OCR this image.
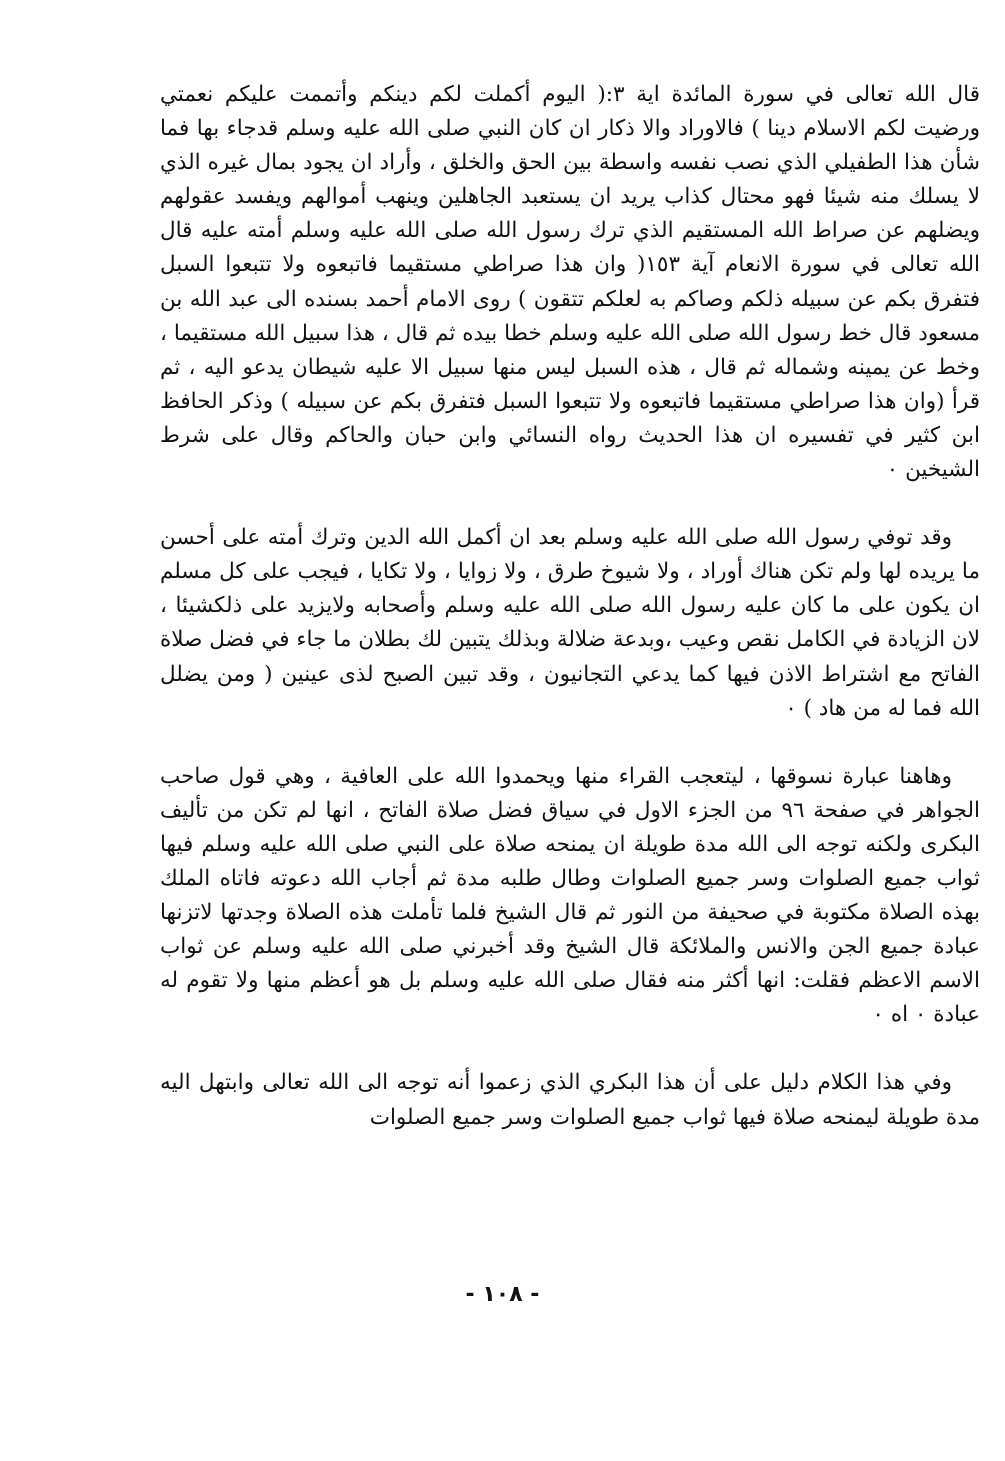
قال الله تعالى في سورة المائدة اية ٣:( اليوم أكملت لكم دينكم وأتممت عليكم نعمتي ورضيت لكم الاسلام دينا ) فالاوراد والا ذكار ان كان النبي صلى الله عليه وسلم قدجاء بها فما شأن هذا الطفيلي الذي نصب نفسه واسطة بين الحق والخلق ، وأراد ان يجود بمال غيره الذي لا يسلك منه شيئا فهو محتال كذاب يريد ان يستعبد الجاهلين وينهب أموالهم ويفسد عقولهم ويضلهم عن صراط الله المستقيم الذي ترك رسول الله صلى الله عليه وسلم أمته عليه قال الله تعالى في سورة الانعام آية ١٥٣( وان هذا صراطي مستقيما فاتبعوه ولا تتبعوا السبل فتفرق بكم عن سبيله ذلكم وصاكم به لعلكم تتقون ) روى الامام أحمد بسنده الى عبد الله بن مسعود قال خط رسول الله صلى الله عليه وسلم خطا بيده ثم قال ، هذا سبيل الله مستقيما ، وخط عن يمينه وشماله ثم قال ، هذه السبل ليس منها سبيل الا عليه شيطان يدعو اليه ، ثم قرأ (وان هذا صراطي مستقيما فاتبعوه ولا تتبعوا السبل فتفرق بكم عن سبيله ) وذكر الحافظ ابن كثير في تفسيره ان هذا الحديث رواه النسائي وابن حبان والحاكم وقال على شرط الشيخين ٠

وقد توفي رسول الله صلى الله عليه وسلم بعد ان أكمل الله الدين وترك أمته على أحسن ما يريده لها ولم تكن هناك أوراد ، ولا شيوخ طرق ، ولا زوايا ، ولا تكايا ، فيجب على كل مسلم ان يكون على ما كان عليه رسول الله صلى الله عليه وسلم وأصحابه ولايزيد على ذلكشيئا ، لان الزيادة في الكامل نقص وعيب ،وبدعة ضلالة وبذلك يتبين لك بطلان ما جاء في فضل صلاة الفاتح مع اشتراط الاذن فيها كما يدعي التجانيون ، وقد تبين الصبح لذى عينين ( ومن يضلل الله فما له من هاد ) ٠

وهاهنا عبارة نسوقها ، ليتعجب القراء منها ويحمدوا الله على العافية ، وهي قول صاحب الجواهر في صفحة ٩٦ من الجزء الاول في سياق فضل صلاة الفاتح ، انها لم تكن من تأليف البكرى ولكنه توجه الى الله مدة طويلة ان يمنحه صلاة على النبي صلى الله عليه وسلم فيها ثواب جميع الصلوات وسر جميع الصلوات وطال طلبه مدة ثم أجاب الله دعوته فاتاه الملك بهذه الصلاة مكتوبة في صحيفة من النور ثم قال الشيخ فلما تأملت هذه الصلاة وجدتها لاتزنها عبادة جميع الجن والانس والملائكة قال الشيخ وقد أخبرني صلى الله عليه وسلم عن ثواب الاسم الاعظم فقلت: انها أكثر منه فقال صلى الله عليه وسلم بل هو أعظم منها ولا تقوم له عبادة ٠ اه ٠

وفي هذا الكلام دليل على أن هذا البكري الذي زعموا أنه توجه الى الله تعالى وابتهل اليه مدة طويلة ليمنحه صلاة فيها ثواب جميع الصلوات وسر جميع الصلوات

- ١٠٨ -
